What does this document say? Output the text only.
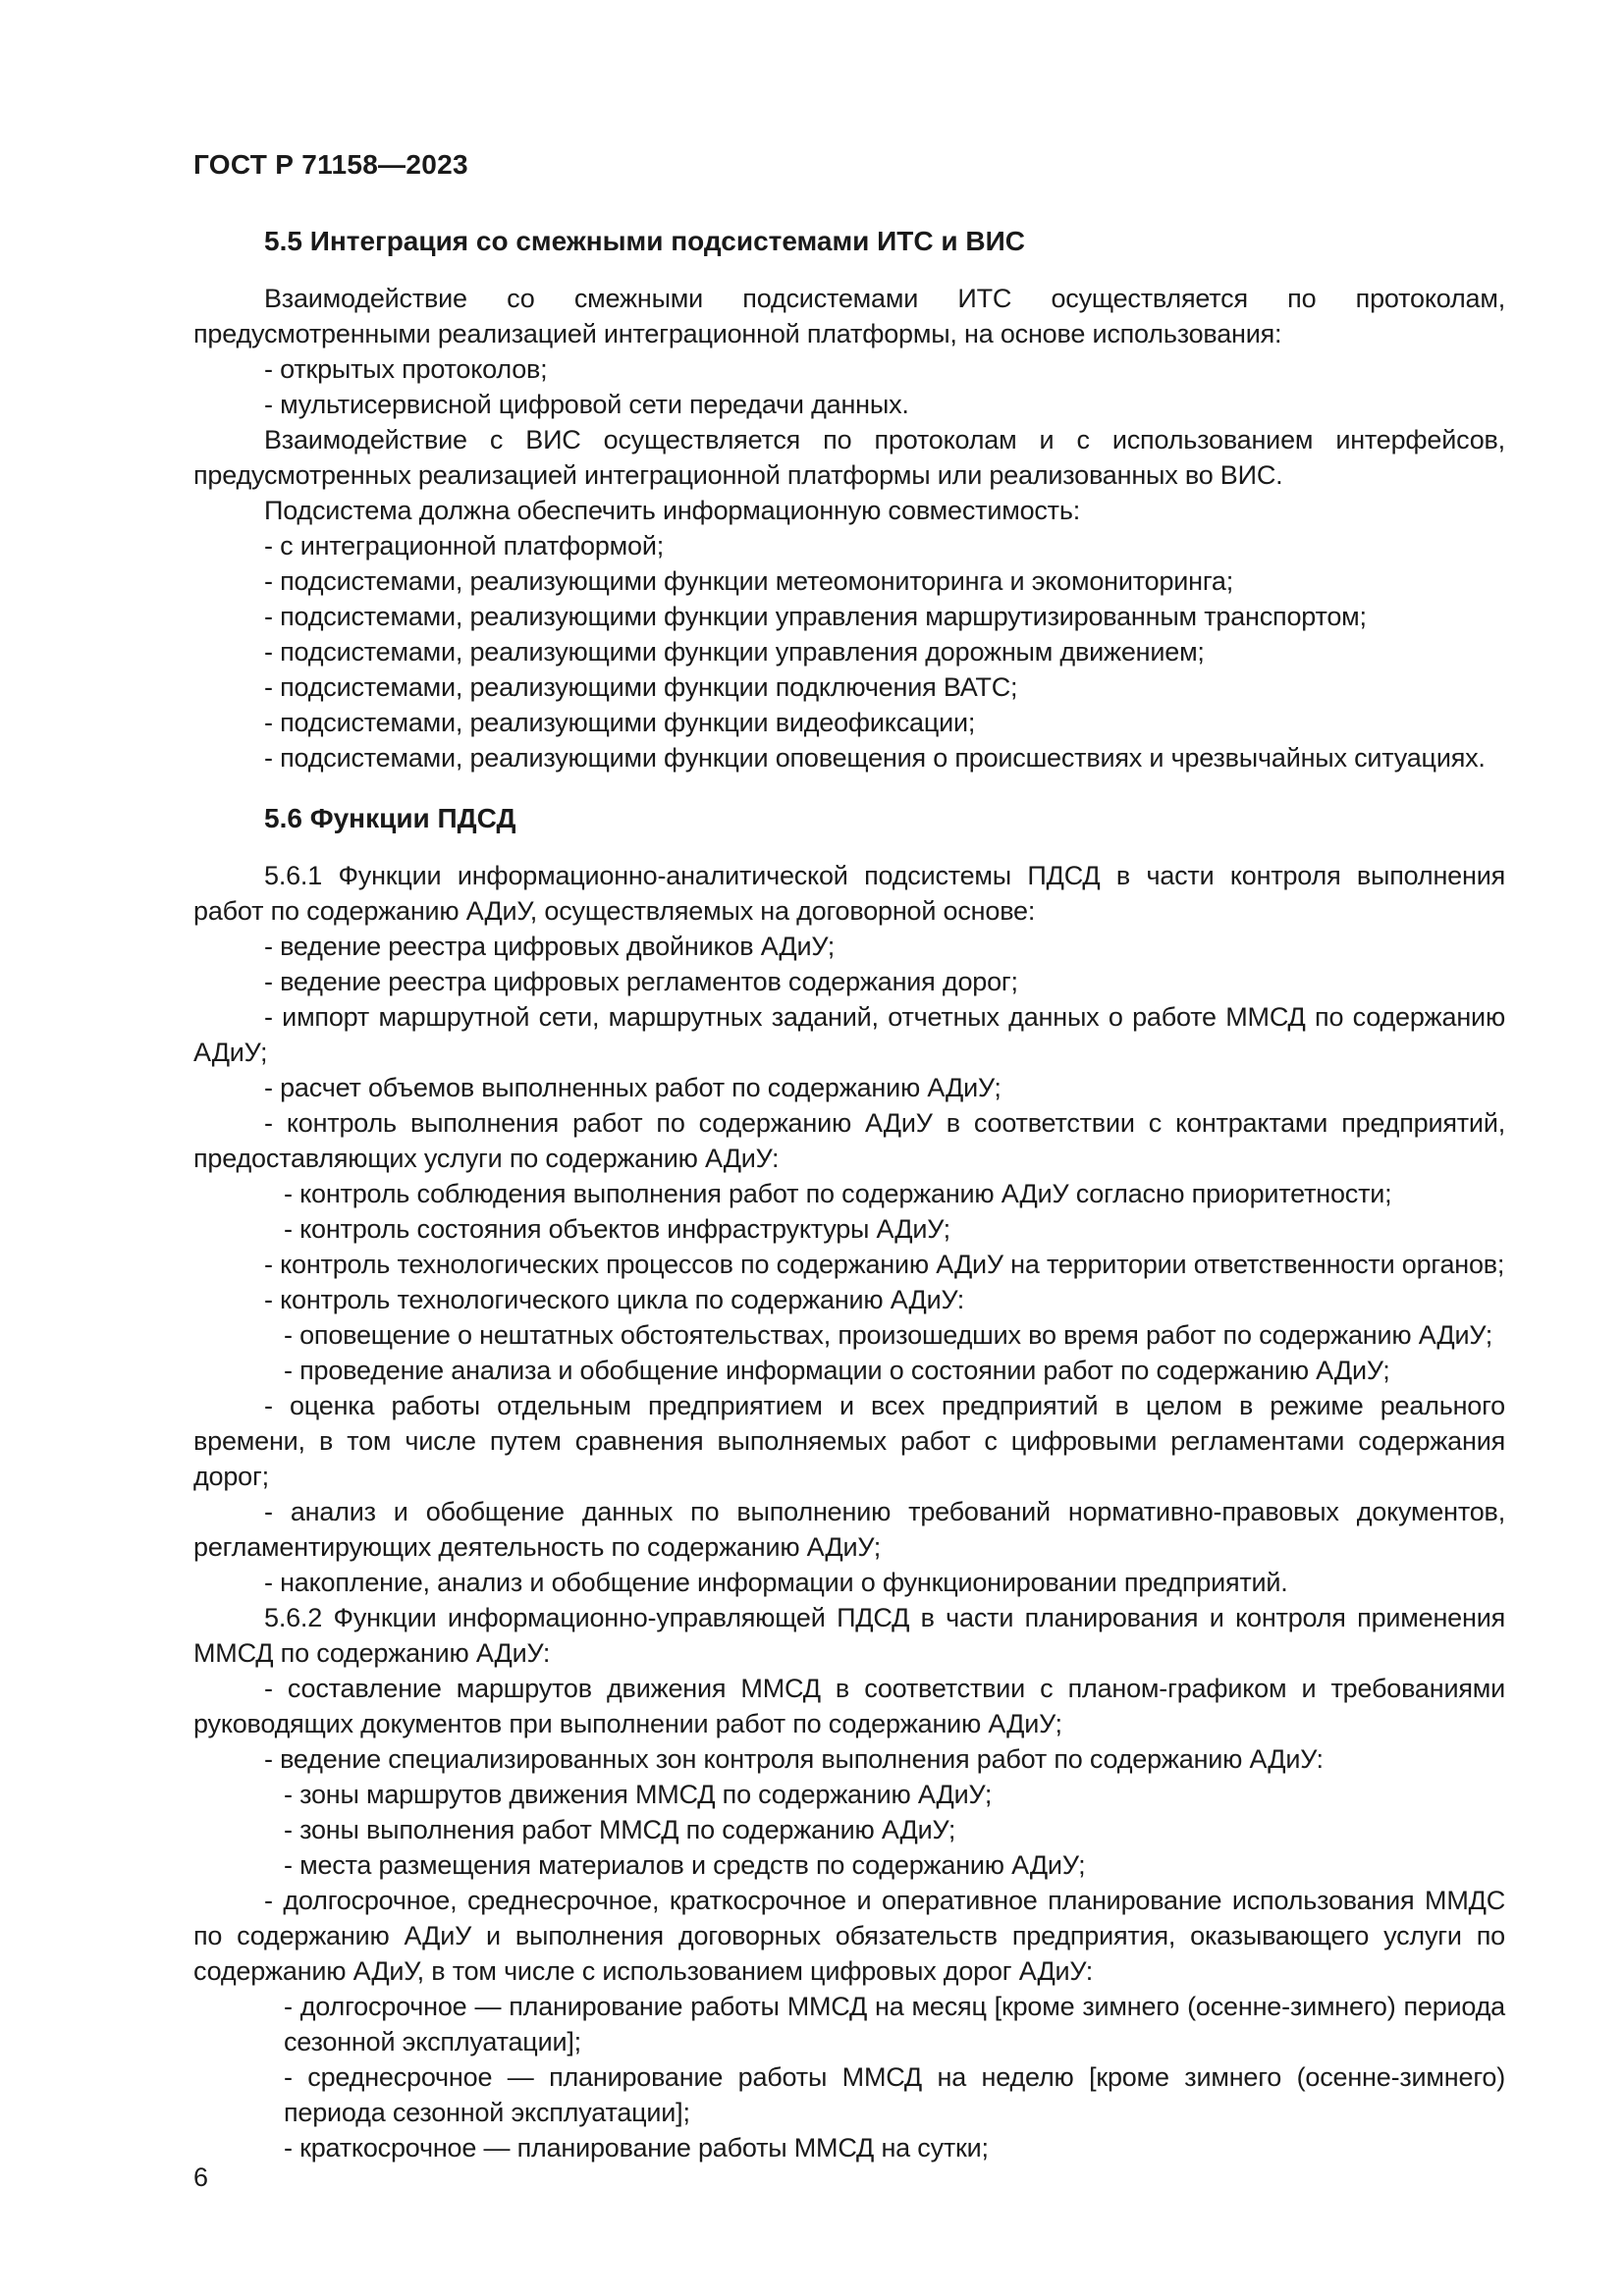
ГОСТ Р 71158—2023
5.5 Интеграция со смежными подсистемами ИТС и ВИС

Взаимодействие со смежными подсистемами ИТС осуществляется по протоколам, предусмотренными реализацией интеграционной платформы, на основе использования:

- открытых протоколов;

- мультисервисной цифровой сети передачи данных.

Взаимодействие с ВИС осуществляется по протоколам и с использованием интерфейсов, предусмотренных реализацией интеграционной платформы или реализованных во ВИС.

Подсистема должна обеспечить информационную совместимость:

- с интеграционной платформой;

- подсистемами, реализующими функции метеомониторинга и экомониторинга;

- подсистемами, реализующими функции управления маршрутизированным транспортом;

- подсистемами, реализующими функции управления дорожным движением;

- подсистемами, реализующими функции подключения ВАТС;

- подсистемами, реализующими функции видеофиксации;

- подсистемами, реализующими функции оповещения о происшествиях и чрезвычайных ситуациях.

5.6 Функции ПДСД

5.6.1 Функции информационно-аналитической подсистемы ПДСД в части контроля выполнения работ по содержанию АДиУ, осуществляемых на договорной основе:

- ведение реестра цифровых двойников АДиУ;

- ведение реестра цифровых регламентов содержания дорог;

- импорт маршрутной сети, маршрутных заданий, отчетных данных о работе ММСД по содержанию АДиУ;

- расчет объемов выполненных работ по содержанию АДиУ;

- контроль выполнения работ по содержанию АДиУ в соответствии с контрактами предприятий, предоставляющих услуги по содержанию АДиУ:

- контроль соблюдения выполнения работ по содержанию АДиУ согласно приоритетности;

- контроль состояния объектов инфраструктуры АДиУ;

- контроль технологических процессов по содержанию АДиУ на территории ответственности органов;

- контроль технологического цикла по содержанию АДиУ:

- оповещение о нештатных обстоятельствах, произошедших во время работ по содержанию АДиУ;

- проведение анализа и обобщение информации о состоянии работ по содержанию АДиУ;

- оценка работы отдельным предприятием и всех предприятий в целом в режиме реального времени, в том числе путем сравнения выполняемых работ с цифровыми регламентами содержания дорог;

- анализ и обобщение данных по выполнению требований нормативно-правовых документов, регламентирующих деятельность по содержанию АДиУ;

- накопление, анализ и обобщение информации о функционировании предприятий.

5.6.2 Функции информационно-управляющей ПДСД в части планирования и контроля применения ММСД по содержанию АДиУ:

- составление маршрутов движения ММСД в соответствии с планом-графиком и требованиями руководящих документов при выполнении работ по содержанию АДиУ;

- ведение специализированных зон контроля выполнения работ по содержанию АДиУ:

- зоны маршрутов движения ММСД по содержанию АДиУ;

- зоны выполнения работ ММСД по содержанию АДиУ;

- места размещения материалов и средств по содержанию АДиУ;

- долгосрочное, среднесрочное, краткосрочное и оперативное планирование использования ММДС по содержанию АДиУ и выполнения договорных обязательств предприятия, оказывающего услуги по содержанию АДиУ, в том числе с использованием цифровых дорог АДиУ:

- долгосрочное — планирование работы ММСД на месяц [кроме зимнего (осенне-зимнего) периода сезонной эксплуатации];

- среднесрочное — планирование работы ММСД на неделю [кроме зимнего (осенне-зимнего) периода сезонной эксплуатации];

- краткосрочное — планирование работы ММСД на сутки;

6
